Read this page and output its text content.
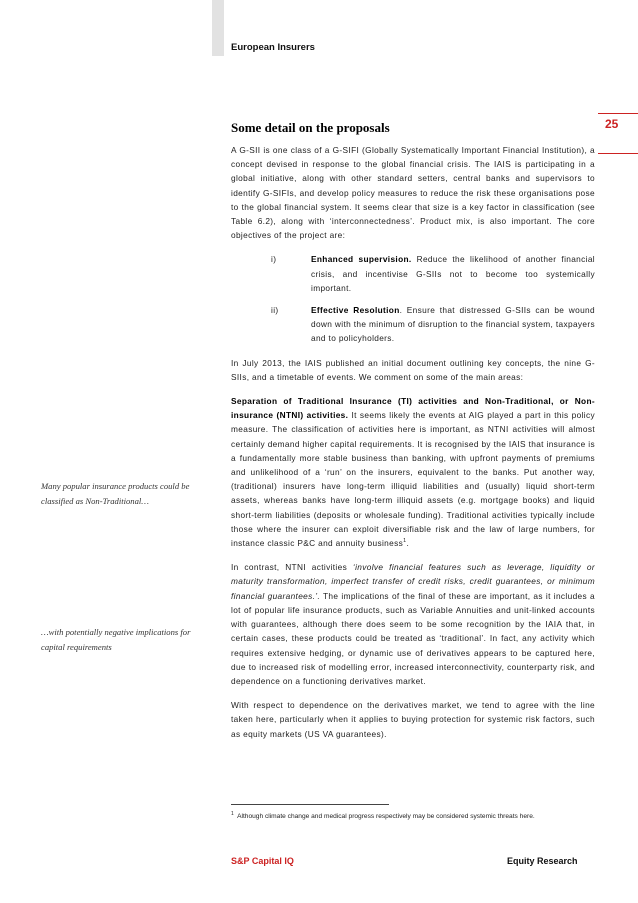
European Insurers
25
Some detail on the proposals

A G-SII is one class of a G-SIFI (Globally Systematically Important Financial Institution), a concept devised in response to the global financial crisis. The IAIS is participating in a global initiative, along with other standard setters, central banks and supervisors to identify G-SIFIs, and develop policy measures to reduce the risk these organisations pose to the global financial system. It seems clear that size is a key factor in classification (see Table 6.2), along with ‘interconnectedness’. Product mix, is also important. The core objectives of the project are:

i)	Enhanced supervision. Reduce the likelihood of another financial crisis, and incentivise G-SIIs not to become too systemically important.
ii)	Effective Resolution. Ensure that distressed G-SIIs can be wound down with the minimum of disruption to the financial system, taxpayers and to policyholders.

In July 2013, the IAIS published an initial document outlining key concepts, the nine G-SIIs, and a timetable of events. We comment on some of the main areas:

Separation of Traditional Insurance (TI) activities and Non-Traditional, or Non-insurance (NTNI) activities. It seems likely the events at AIG played a part in this policy measure. The classification of activities here is important, as NTNI activities will almost certainly demand higher capital requirements. It is recognised by the IAIS that insurance is a fundamentally more stable business than banking, with upfront payments of premiums and unlikelihood of a ‘run’ on the insurers, equivalent to the banks. Put another way, (traditional) insurers have long-term illiquid liabilities and (usually) liquid short-term assets, whereas banks have long-term illiquid assets (e.g. mortgage books) and liquid short-term liabilities (deposits or wholesale funding). Traditional activities typically include those where the insurer can exploit diversifiable risk and the law of large numbers, for instance classic P&C and annuity business$^1$.

In contrast, NTNI activities ‘involve financial features such as leverage, liquidity or maturity transformation, imperfect transfer of credit risks, credit guarantees, or minimum financial guarantees.’. The implications of the final of these are important, as it includes a lot of popular life insurance products, such as Variable Annuities and unit-linked accounts with guarantees, although there does seem to be some recognition by the IAIA that, in certain cases, these products could be treated as ‘traditional’. In fact, any activity which requires extensive hedging, or dynamic use of derivatives appears to be captured here, due to increased risk of modelling error, increased interconnectivity, counterparty risk, and dependence on a functioning derivatives market.

With respect to dependence on the derivatives market, we tend to agree with the line taken here, particularly when it applies to buying protection for systemic risk factors, such as equity markets (US VA guarantees).

Many popular insurance products could be classified as Non-Traditional…
…with potentially negative implications for capital requirements
$^1$ Although climate change and medical progress respectively may be considered systemic threats here.
S&P Capital IQ	Equity Research
